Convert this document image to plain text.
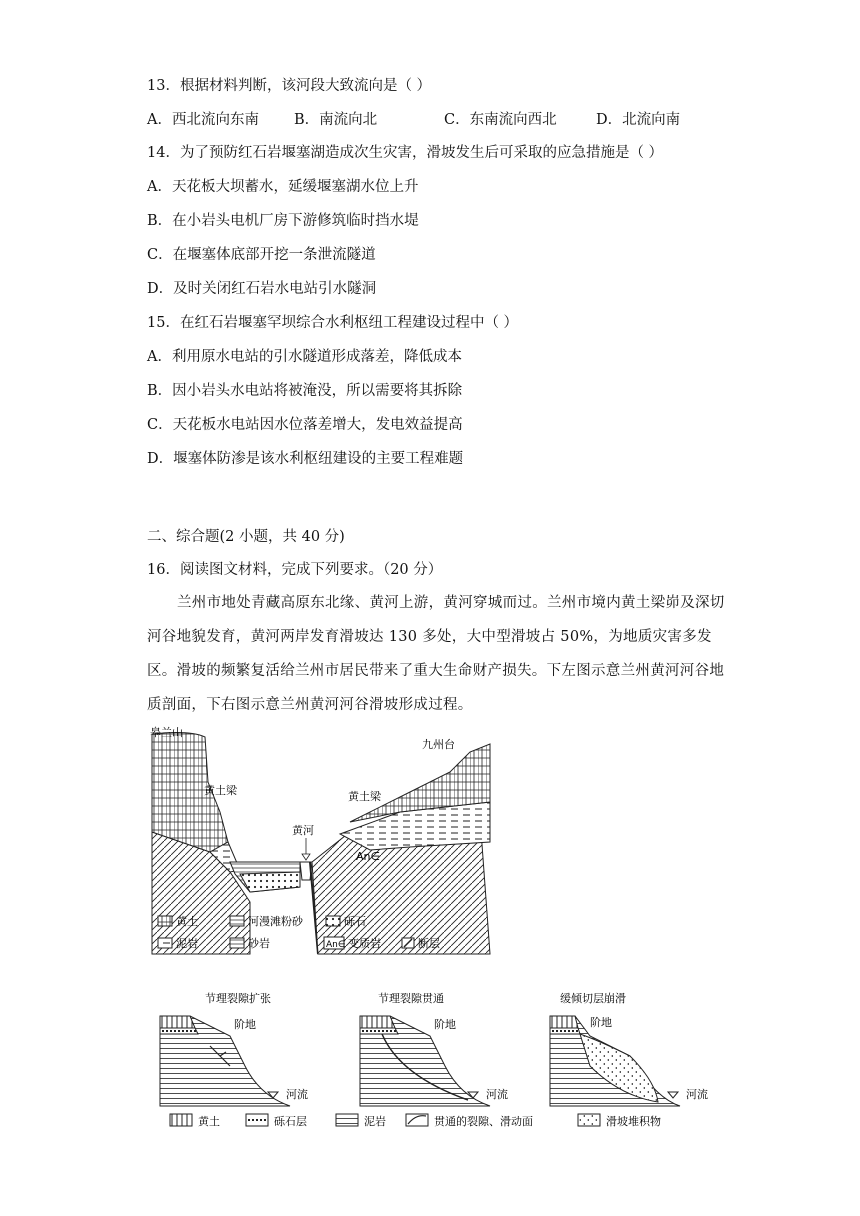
13．根据材料判断，该河段大致流向是（ ）
A．西北流向东南 B．南流向北	C．东南流向西北	D．北流向南
14．为了预防红石岩堰塞湖造成次生灾害，滑坡发生后可采取的应急措施是（ ）
A．天花板大坝蓄水，延缓堰塞湖水位上升
B．在小岩头电机厂房下游修筑临时挡水堤
C．在堰塞体底部开挖一条泄流隧道
D．及时关闭红石岩水电站引水隧洞
15．在红石岩堰塞罕坝综合水利枢纽工程建设过程中（ ）
A．利用原水电站的引水隧道形成落差，降低成本
B．因小岩头水电站将被淹没，所以需要将其拆除
C．天花板水电站因水位落差增大，发电效益提高
D．堰塞体防渗是该水利枢纽建设的主要工程难题
二、综合题(2 小题，共 40 分)
16．阅读图文材料，完成下列要求。（20 分）

兰州市地处青藏高原东北缘、黄河上游，黄河穿城而过。兰州市境内黄土梁峁及深切河谷地貌发育，黄河两岸发育滑坡达 130 多处，大中型滑坡占 50%，为地质灾害多发区。滑坡的频繁复活给兰州市居民带来了重大生命财产损失。下左图示意兰州黄河河谷地质剖面，下右图示意兰州黄河河谷滑坡形成过程。

皋兰山
九州台
黄土梁	黄土梁
黄河
An∈
黄土	河漫滩粉砂	砾石
泥岩	砂岩	An∈ 变质岩	断层
节理裂隙扩张
阶地
河流
节理裂隙贯通
阶地
河流
缓倾切层崩滑
阶地
河流
黄土	砾石层	泥岩	贯通的裂隙、滑动面	滑坡堆积物
